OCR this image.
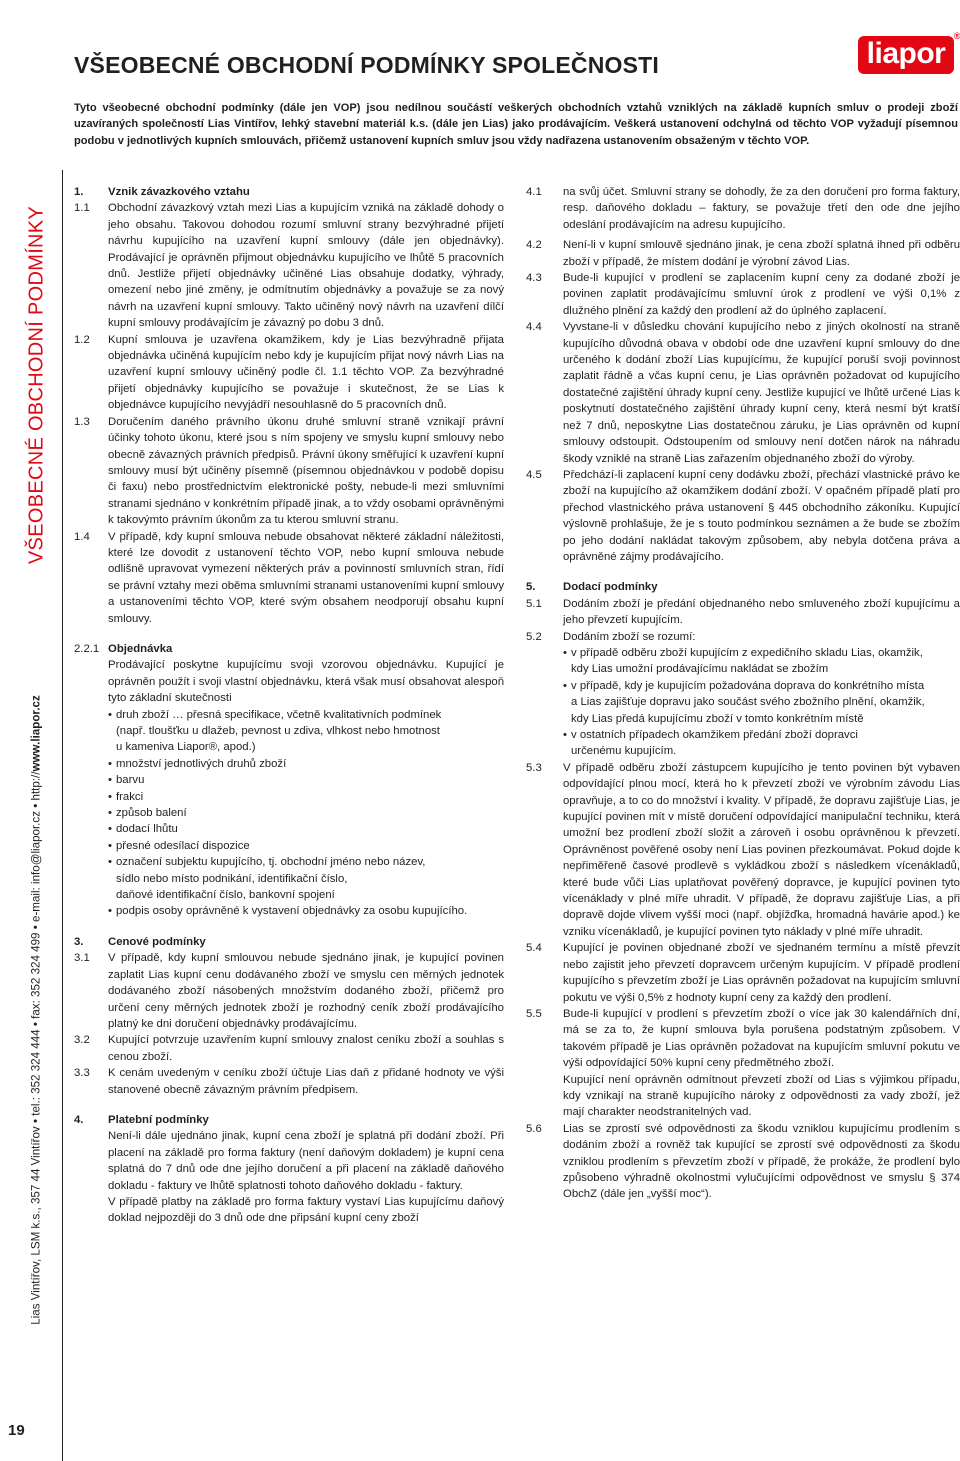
VŠEOBECNÉ OBCHODNÍ PODMÍNKY SPOLEČNOSTI	liapor
®
Tyto všeobecné obchodní podmínky (dále jen VOP) jsou nedílnou součástí veškerých obchodních vztahů vzniklých na základě kupních smluv o prodeji zboží uzavíraných společností Lias Vintířov, lehký stavební materiál k.s. (dále jen Lias) jako prodávajícím. Veškerá ustanovení odchylná od těchto VOP vyžadují písemnou podobu v jednotlivých kupních smlouvách, přičemž ustanovení kupních smluv jsou vždy nadřazena ustanovením obsaženým v těchto VOP.
VŠEOBECNÉ OBCHODNÍ PODMÍNKY
Lias Vintířov, LSM k.s., 357 44 Vintířov • tel.: 352 324 444 • fax: 352 324 499 • e-mail: info@liapor.cz • http://www.liapor.cz
19
1. Vznik závazkového vztahu
1.1 Obchodní závazkový vztah mezi Lias a kupujícím vzniká na základě dohody o jeho obsahu. Takovou dohodou rozumí smluvní strany bezvýhradné přijetí návrhu kupujícího na uzavření kupní smlouvy (dále jen objednávky). Prodávající je oprávněn přijmout objednávku kupujícího ve lhůtě 5 pracovních dnů. Jestliže přijetí objednávky učiněné Lias obsahuje dodatky, výhrady, omezení nebo jiné změny, je odmítnutím objednávky a považuje se za nový návrh na uzavření kupní smlouvy. Takto učiněný nový návrh na uzavření dílčí kupní smlouvy prodávajícím je závazný po dobu 3 dnů.
1.2 Kupní smlouva je uzavřena okamžikem, kdy je Lias bezvýhradně přijata objednávka učiněná kupujícím nebo kdy je kupujícím přijat nový návrh Lias na uzavření kupní smlouvy učiněný podle čl. 1.1 těchto VOP. Za bezvýhradné přijetí objednávky kupujícího se považuje i skutečnost, že se Lias k objednávce kupujícího nevyjádří nesouhlasně do 5 pracovních dnů.
1.3 Doručením daného právního úkonu druhé smluvní straně vznikají právní účinky tohoto úkonu, které jsou s ním spojeny ve smyslu kupní smlouvy nebo obecně závazných právních předpisů. Právní úkony směřující k uzavření kupní smlouvy musí být učiněny písemně (písemnou objednávkou v podobě dopisu či faxu) nebo prostřednictvím elektronické pošty, nebude-li mezi smluvními stranami sjednáno v konkrétním případě jinak, a to vždy osobami oprávněnými k takovýmto právním úkonům za tu kterou smluvní stranu.
1.4 V případě, kdy kupní smlouva nebude obsahovat některé základní náležitosti, které lze dovodit z ustanovení těchto VOP, nebo kupní smlouva nebude odlišně upravovat vymezení některých práv a povinností smluvních stran, řídí se právní vztahy mezi oběma smluvními stranami ustanoveními kupní smlouvy a ustanoveními těchto VOP, které svým obsahem neodporují obsahu kupní smlouvy.
2.2.1 Objednávka
Prodávající poskytne kupujícímu svoji vzorovou objednávku. Kupující je oprávněn použít i svoji vlastní objednávku, která však musí obsahovat alespoň tyto základní skutečnosti
• druh zboží … přesná specifikace, včetně kvalitativních podmínek
(např. tloušťku u dlažeb, pevnost u zdiva, vlhkost nebo hmotnost
u kameniva Liapor®, apod.)
• množství jednotlivých druhů zboží
• barvu
• frakci
• způsob balení
• dodací lhůtu
• přesné odesílací dispozice
• označení subjektu kupujícího, tj. obchodní jméno nebo název,
sídlo nebo místo podnikání, identifikační číslo,
daňové identifikační číslo, bankovní spojení
• podpis osoby oprávněné k vystavení objednávky za osobu kupujícího.
3. Cenové podmínky
3.1 V případě, kdy kupní smlouvou nebude sjednáno jinak, je kupující povinen zaplatit Lias kupní cenu dodávaného zboží ve smyslu cen měrných jednotek dodávaného zboží násobených množstvím dodaného zboží, přičemž pro určení ceny měrných jednotek zboží je rozhodný ceník zboží prodávajícího platný ke dni doručení objednávky prodávajícímu.
3.2 Kupující potvrzuje uzavřením kupní smlouvy znalost ceníku zboží a souhlas s cenou zboží.
3.3 K cenám uvedeným v ceníku zboží účtuje Lias daň z přidané hodnoty ve výši stanovené obecně závazným právním předpisem.
4. Platební podmínky
Není-li dále ujednáno jinak, kupní cena zboží je splatná při dodání zboží. Při placení na základě pro forma faktury (není daňovým dokladem) je kupní cena splatná do 7 dnů ode dne jejího doručení a při placení na základě daňového dokladu - faktury ve lhůtě splatnosti tohoto daňového dokladu - faktury.
V případě platby na základě pro forma faktury vystaví Lias kupujícímu daňový doklad nejpozději do 3 dnů ode dne připsání kupní ceny zboží
4.1 na svůj účet. Smluvní strany se dohodly, že za den doručení pro forma faktury, resp. daňového dokladu – faktury, se považuje třetí den ode dne jejího odeslání prodávajícím na adresu kupujícího.
4.2 Není-li v kupní smlouvě sjednáno jinak, je cena zboží splatná ihned při odběru zboží v případě, že místem dodání je výrobní závod Lias.
4.3 Bude-li kupující v prodlení se zaplacením kupní ceny za dodané zboží je povinen zaplatit prodávajícímu smluvní úrok z prodlení ve výši 0,1% z dlužného plnění za každý den prodlení až do úplného zaplacení.
4.4 Vyvstane-li v důsledku chování kupujícího nebo z jiných okolností na straně kupujícího důvodná obava v období ode dne uzavření kupní smlouvy do dne určeného k dodání zboží Lias kupujícímu, že kupující poruší svoji povinnost zaplatit řádně a včas kupní cenu, je Lias oprávněn požadovat od kupujícího dostatečné zajištění úhrady kupní ceny. Jestliže kupující ve lhůtě určené Lias k poskytnutí dostatečného zajištění úhrady kupní ceny, která nesmí být kratší než 7 dnů, neposkytne Lias dostatečnou záruku, je Lias oprávněn od kupní smlouvy odstoupit. Odstoupením od smlouvy není dotčen nárok na náhradu škody vzniklé na straně Lias zařazením objednaného zboží do výroby.
4.5 Předchází-li zaplacení kupní ceny dodávku zboží, přechází vlastnické právo ke zboží na kupujícího až okamžikem dodání zboží. V opačném případě platí pro přechod vlastnického práva ustanovení § 445 obchodního zákoníku. Kupující výslovně prohlašuje, že je s touto podmínkou seznámen a že bude se zbožím po jeho dodání nakládat takovým způsobem, aby nebyla dotčena práva a oprávněné zájmy prodávajícího.
5. Dodací podmínky
5.1 Dodáním zboží je předání objednaného nebo smluveného zboží kupujícímu a jeho převzetí kupujícím.
5.2 Dodáním zboží se rozumí:
• v případě odběru zboží kupujícím z expedičního skladu Lias, okamžik,
kdy Lias umožní prodávajícímu nakládat se zbožím
• v případě, kdy je kupujícím požadována doprava do konkrétního místa
a Lias zajišťuje dopravu jako součást svého zbožního plnění, okamžik,
kdy Lias předá kupujícímu zboží v tomto konkrétním místě
• v ostatních případech okamžikem předání zboží dopravci
určenému kupujícím.
5.3 V případě odběru zboží zástupcem kupujícího je tento povinen být vybaven odpovídající plnou mocí, která ho k převzetí zboží ve výrobním závodu Lias opravňuje, a to co do množství i kvality. V případě, že dopravu zajišťuje Lias, je kupující povinen mít v místě doručení odpovídající manipulační techniku, která umožní bez prodlení zboží složit a zároveň i osobu oprávněnou k převzetí. Oprávněnost pověřené osoby není Lias povinen přezkoumávat. Pokud dojde k nepřiměřeně časové prodlevě s vykládkou zboží s následkem vícenákladů, které bude vůči Lias uplatňovat pověřený dopravce, je kupující povinen tyto vícenáklady v plné míře uhradit. V případě, že dopravu zajišťuje Lias, a při dopravě dojde vlivem vyšší moci (např. objížďka, hromadná havárie apod.) ke vzniku vícenákladů, je kupující povinen tyto náklady v plné míře uhradit.
5.4 Kupující je povinen objednané zboží ve sjednaném termínu a místě převzít nebo zajistit jeho převzetí dopravcem určeným kupujícím. V případě prodlení kupujícího s převzetím zboží je Lias oprávněn požadovat na kupujícím smluvní pokutu ve výši 0,5% z hodnoty kupní ceny za každý den prodlení.
5.5 Bude-li kupující v prodlení s převzetím zboží o více jak 30 kalendářních dní, má se za to, že kupní smlouva byla porušena podstatným způsobem. V takovém případě je Lias oprávněn požadovat na kupujícím smluvní pokutu ve výši odpovídající 50% kupní ceny předmětného zboží.
Kupující není oprávněn odmítnout převzetí zboží od Lias s výjimkou případu, kdy vznikají na straně kupujícího nároky z odpovědnosti za vady zboží, jež mají charakter neodstranitelných vad.
5.6 Lias se zprostí své odpovědnosti za škodu vzniklou kupujícímu prodlením s dodáním zboží a rovněž tak kupující se zprostí své odpovědnosti za škodu vzniklou prodlením s převzetím zboží v případě, že prokáže, že prodlení bylo způsobeno výhradně okolnostmi vylučujícími odpovědnost ve smyslu § 374 ObchZ (dále jen „vyšší moc“).
